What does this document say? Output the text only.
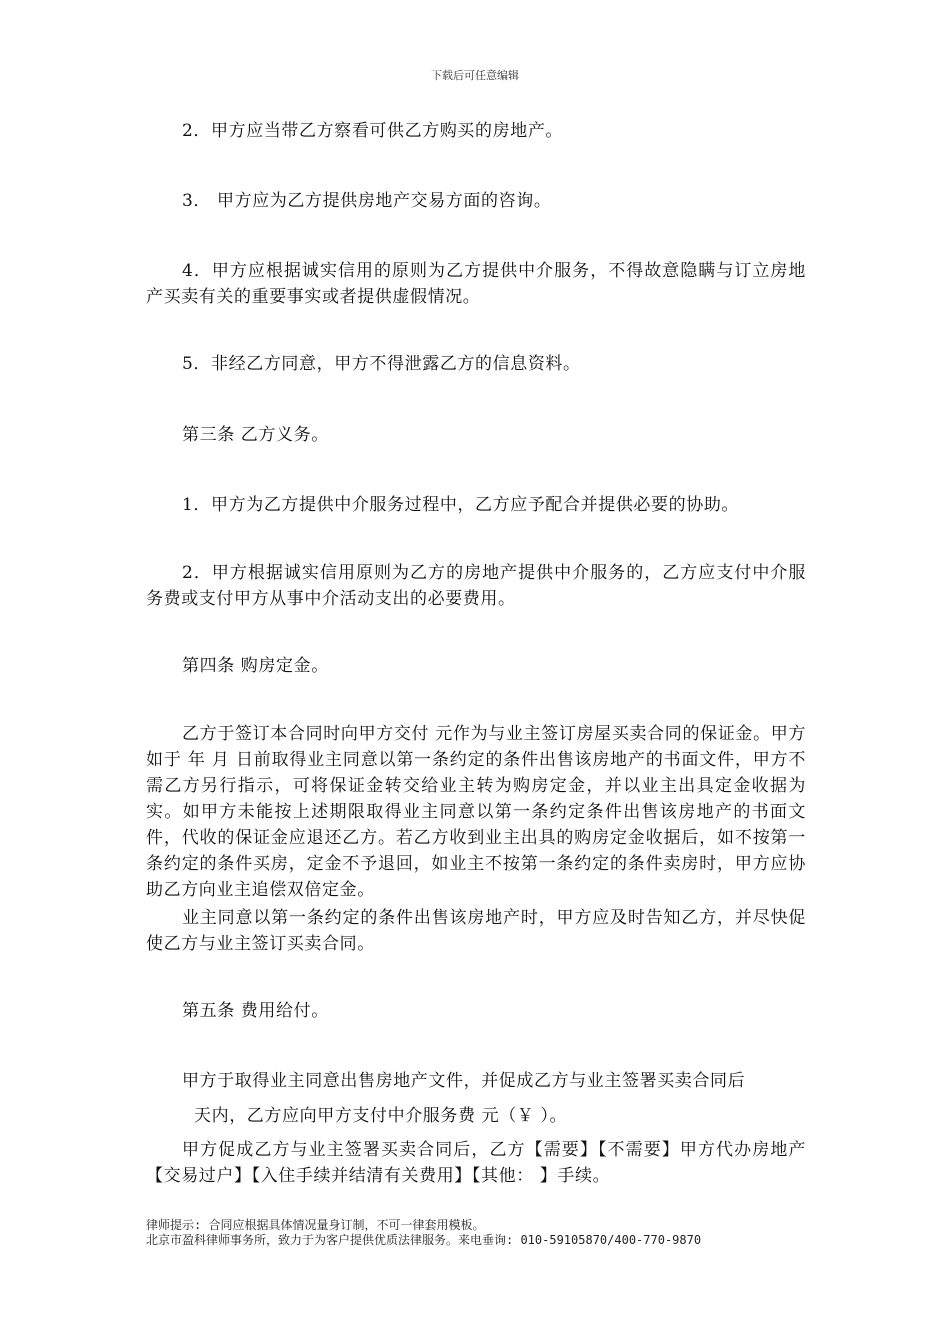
下载后可任意编辑

2．甲方应当带乙方察看可供乙方购买的房地产。

3． 甲方应为乙方提供房地产交易方面的咨询。

4．甲方应根据诚实信用的原则为乙方提供中介服务，不得故意隐瞒与订立房地产买卖有关的重要事实或者提供虚假情况。

5．非经乙方同意，甲方不得泄露乙方的信息资料。

第三条 乙方义务。

1．甲方为乙方提供中介服务过程中，乙方应予配合并提供必要的协助。

2．甲方根据诚实信用原则为乙方的房地产提供中介服务的，乙方应支付中介服务费或支付甲方从事中介活动支出的必要费用。

第四条 购房定金。

乙方于签订本合同时向甲方交付 元作为与业主签订房屋买卖合同的保证金。甲方如于 年 月 日前取得业主同意以第一条约定的条件出售该房地产的书面文件，甲方不需乙方另行指示，可将保证金转交给业主转为购房定金，并以业主出具定金收据为实。如甲方未能按上述期限取得业主同意以第一条约定条件出售该房地产的书面文件，代收的保证金应退还乙方。若乙方收到业主出具的购房定金收据后，如不按第一条约定的条件买房，定金不予退回，如业主不按第一条约定的条件卖房时，甲方应协助乙方向业主追偿双倍定金。

业主同意以第一条约定的条件出售该房地产时，甲方应及时告知乙方，并尽快促使乙方与业主签订买卖合同。

第五条 费用给付。

甲方于取得业主同意出售房地产文件，并促成乙方与业主签署买卖合同后

天内，乙方应向甲方支付中介服务费 元（￥ ）。

甲方促成乙方与业主签署买卖合同后，乙方【需要】【不需要】甲方代办房地产【交易过户】【入住手续并结清有关费用】【其他： 】手续。

律师提示: 合同应根据具体情况量身订制，不可一律套用模板。
北京市盈科律师事务所，致力于为客户提供优质法律服务。来电垂询: 010-59105870/400-770-9870
